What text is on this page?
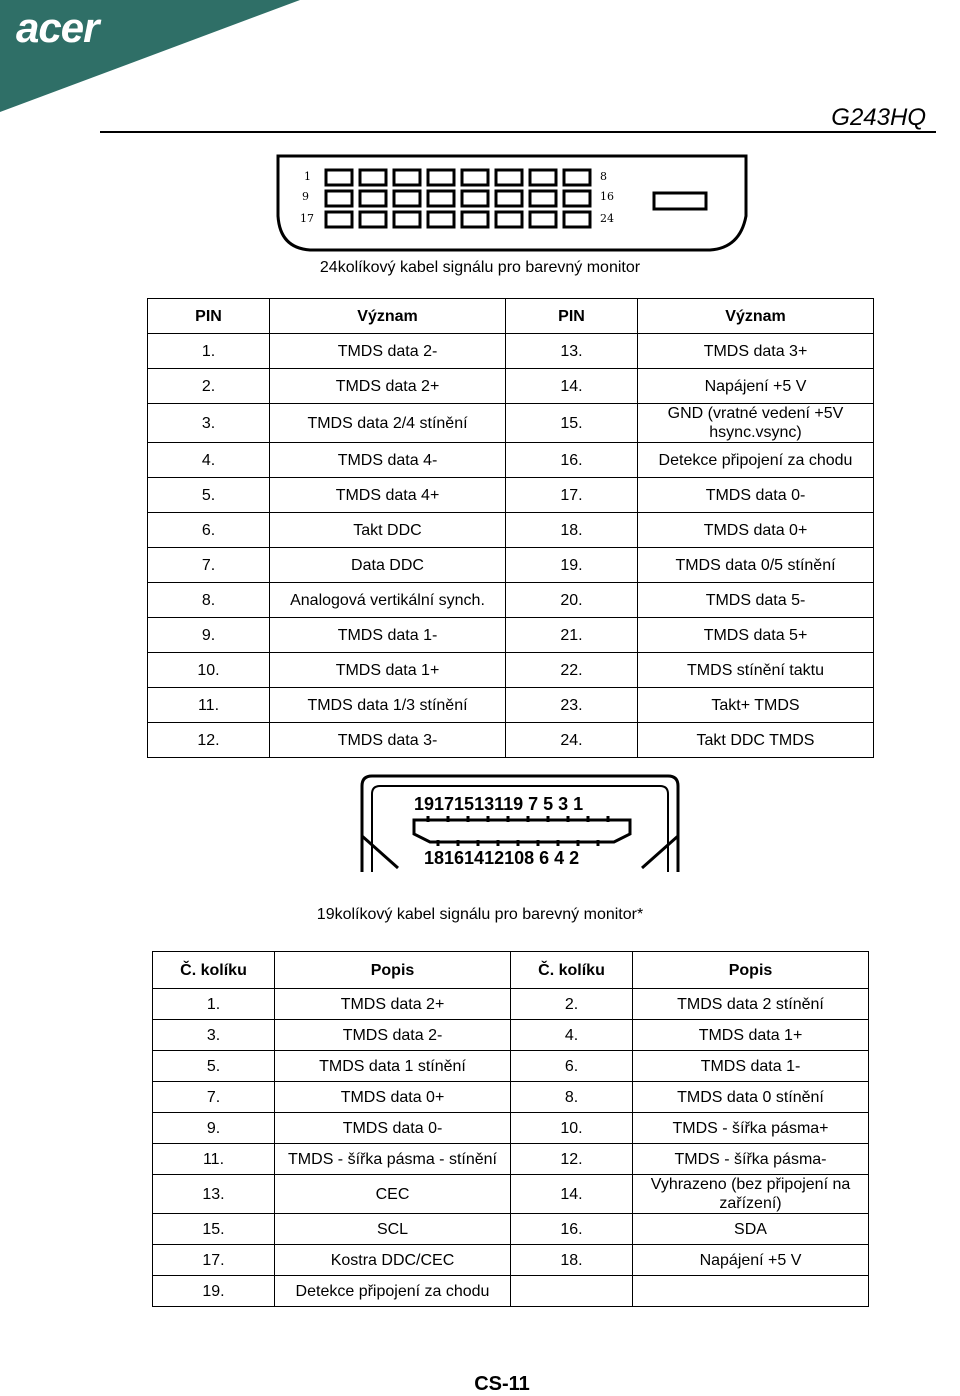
acer
G243HQ
1
9
17
8
16
24
24kolíkový kabel signálu pro barevný monitor
PIN	Význam	PIN	Význam
1.	TMDS data 2-	13.	TMDS data 3+
2.	TMDS data 2+	14.	Napájení +5 V
3.	TMDS data 2/4 stínění	15.	GND (vratné vedení +5V hsync.vsync)
4.	TMDS data 4-	16.	Detekce připojení za chodu
5.	TMDS data 4+	17.	TMDS data 0-
6.	Takt DDC	18.	TMDS data 0+
7.	Data DDC	19.	TMDS data 0/5 stínění
8.	Analogová vertikální synch.	20.	TMDS data 5-
9.	TMDS data 1-	21.	TMDS data 5+
10.	TMDS data 1+	22.	TMDS stínění taktu
11.	TMDS data 1/3 stínění	23.	Takt+ TMDS
12.	TMDS data 3-	24.	Takt DDC TMDS
19171513119 7 5 3 1
18161412108 6 4 2
19kolíkový kabel signálu pro barevný monitor*
Č. kolíku	Popis	Č. kolíku	Popis
1.	TMDS data 2+	2.	TMDS data 2 stínění
3.	TMDS data 2-	4.	TMDS data 1+
5.	TMDS data 1 stínění	6.	TMDS data 1-
7.	TMDS data 0+	8.	TMDS data 0 stínění
9.	TMDS data 0-	10.	TMDS - šířka pásma+
11.	TMDS - šířka pásma - stínění	12.	TMDS - šířka pásma-
13.	CEC	14.	Vyhrazeno (bez připojení na zařízení)
15.	SCL	16.	SDA
17.	Kostra DDC/CEC	18.	Napájení +5 V
19.	Detekce připojení za chodu		
CS-11
